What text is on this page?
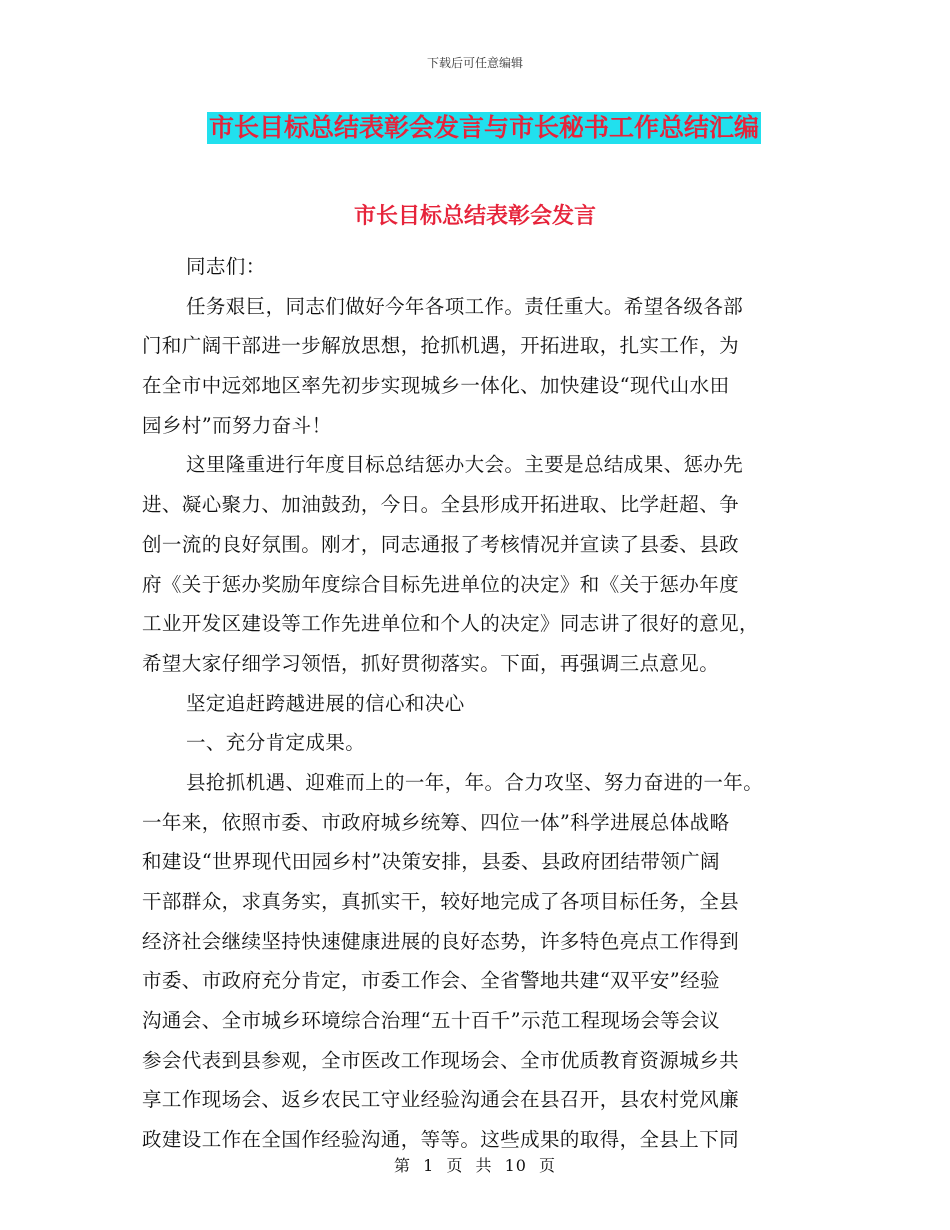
下载后可任意编辑
市长目标总结表彰会发言与市长秘书工作总结汇编
市长目标总结表彰会发言
同志们：
任务艰巨，同志们做好今年各项工作。责任重大。希望各级各部
门和广阔干部进一步解放思想，抢抓机遇，开拓进取，扎实工作，为
在全市中远郊地区率先初步实现城乡一体化、加快建设“现代山水田
园乡村”而努力奋斗！
这里隆重进行年度目标总结惩办大会。主要是总结成果、惩办先
进、凝心聚力、加油鼓劲，今日。全县形成开拓进取、比学赶超、争
创一流的良好氛围。刚才，同志通报了考核情况并宣读了县委、县政
府《关于惩办奖励年度综合目标先进单位的决定》和《关于惩办年度
工业开发区建设等工作先进单位和个人的决定》同志讲了很好的意见，
希望大家仔细学习领悟，抓好贯彻落实。下面，再强调三点意见。
坚定追赶跨越进展的信心和决心
一、充分肯定成果。
县抢抓机遇、迎难而上的一年，年。合力攻坚、努力奋进的一年。
一年来，依照市委、市政府城乡统筹、四位一体”科学进展总体战略
和建设“世界现代田园乡村”决策安排，县委、县政府团结带领广阔
干部群众，求真务实，真抓实干，较好地完成了各项目标任务，全县
经济社会继续坚持快速健康进展的良好态势，许多特色亮点工作得到
市委、市政府充分肯定，市委工作会、全省警地共建“双平安”经验
沟通会、全市城乡环境综合治理“五十百千”示范工程现场会等会议
参会代表到县参观，全市医改工作现场会、全市优质教育资源城乡共
享工作现场会、返乡农民工守业经验沟通会在县召开，县农村党风廉
政建设工作在全国作经验沟通，等等。这些成果的取得，全县上下同
第 1 页 共 10 页
